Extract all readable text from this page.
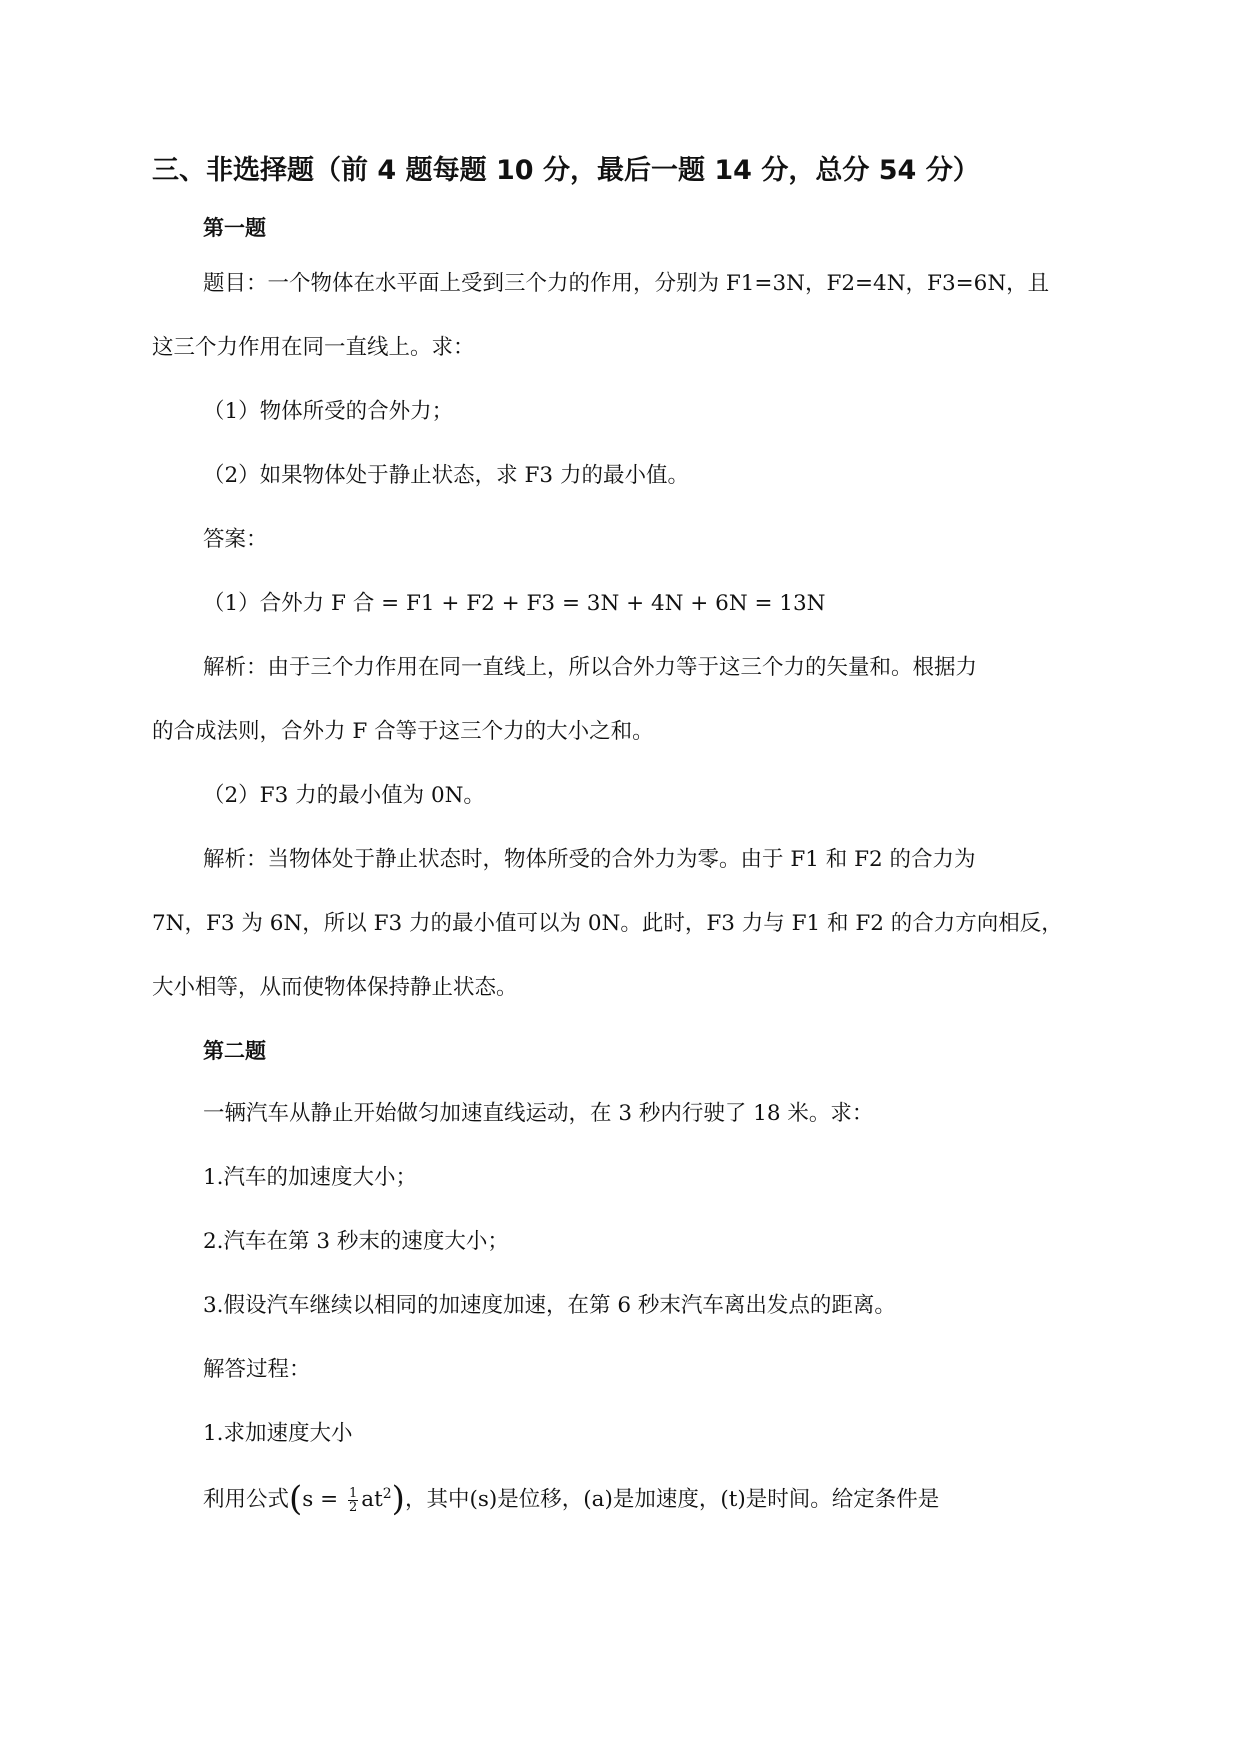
三、非选择题（前 4 题每题 10 分，最后一题 14 分，总分 54 分）
第一题
题目：一个物体在水平面上受到三个力的作用，分别为 F1=3N，F2=4N，F3=6N，且
这三个力作用在同一直线上。求：
（1）物体所受的合外力；
（2）如果物体处于静止状态，求 F3 力的最小值。
答案：
（1）合外力 F 合 = F1 + F2 + F3 = 3N + 4N + 6N = 13N
解析：由于三个力作用在同一直线上，所以合外力等于这三个力的矢量和。根据力
的合成法则，合外力 F 合等于这三个力的大小之和。
（2）F3 力的最小值为 0N。
解析：当物体处于静止状态时，物体所受的合外力为零。由于 F1 和 F2 的合力为
7N，F3 为 6N，所以 F3 力的最小值可以为 0N。此时，F3 力与 F1 和 F2 的合力方向相反，
大小相等，从而使物体保持静止状态。
第二题
一辆汽车从静止开始做匀加速直线运动，在 3 秒内行驶了 18 米。求：
1.汽车的加速度大小；
2.汽车在第 3 秒末的速度大小；
3.假设汽车继续以相同的加速度加速，在第 6 秒末汽车离出发点的距离。
解答过程：
1.求加速度大小
利用公式$(s = \frac{1}{2} at^2)$，其中(s)是位移，(a)是加速度，(t)是时间。给定条件是
